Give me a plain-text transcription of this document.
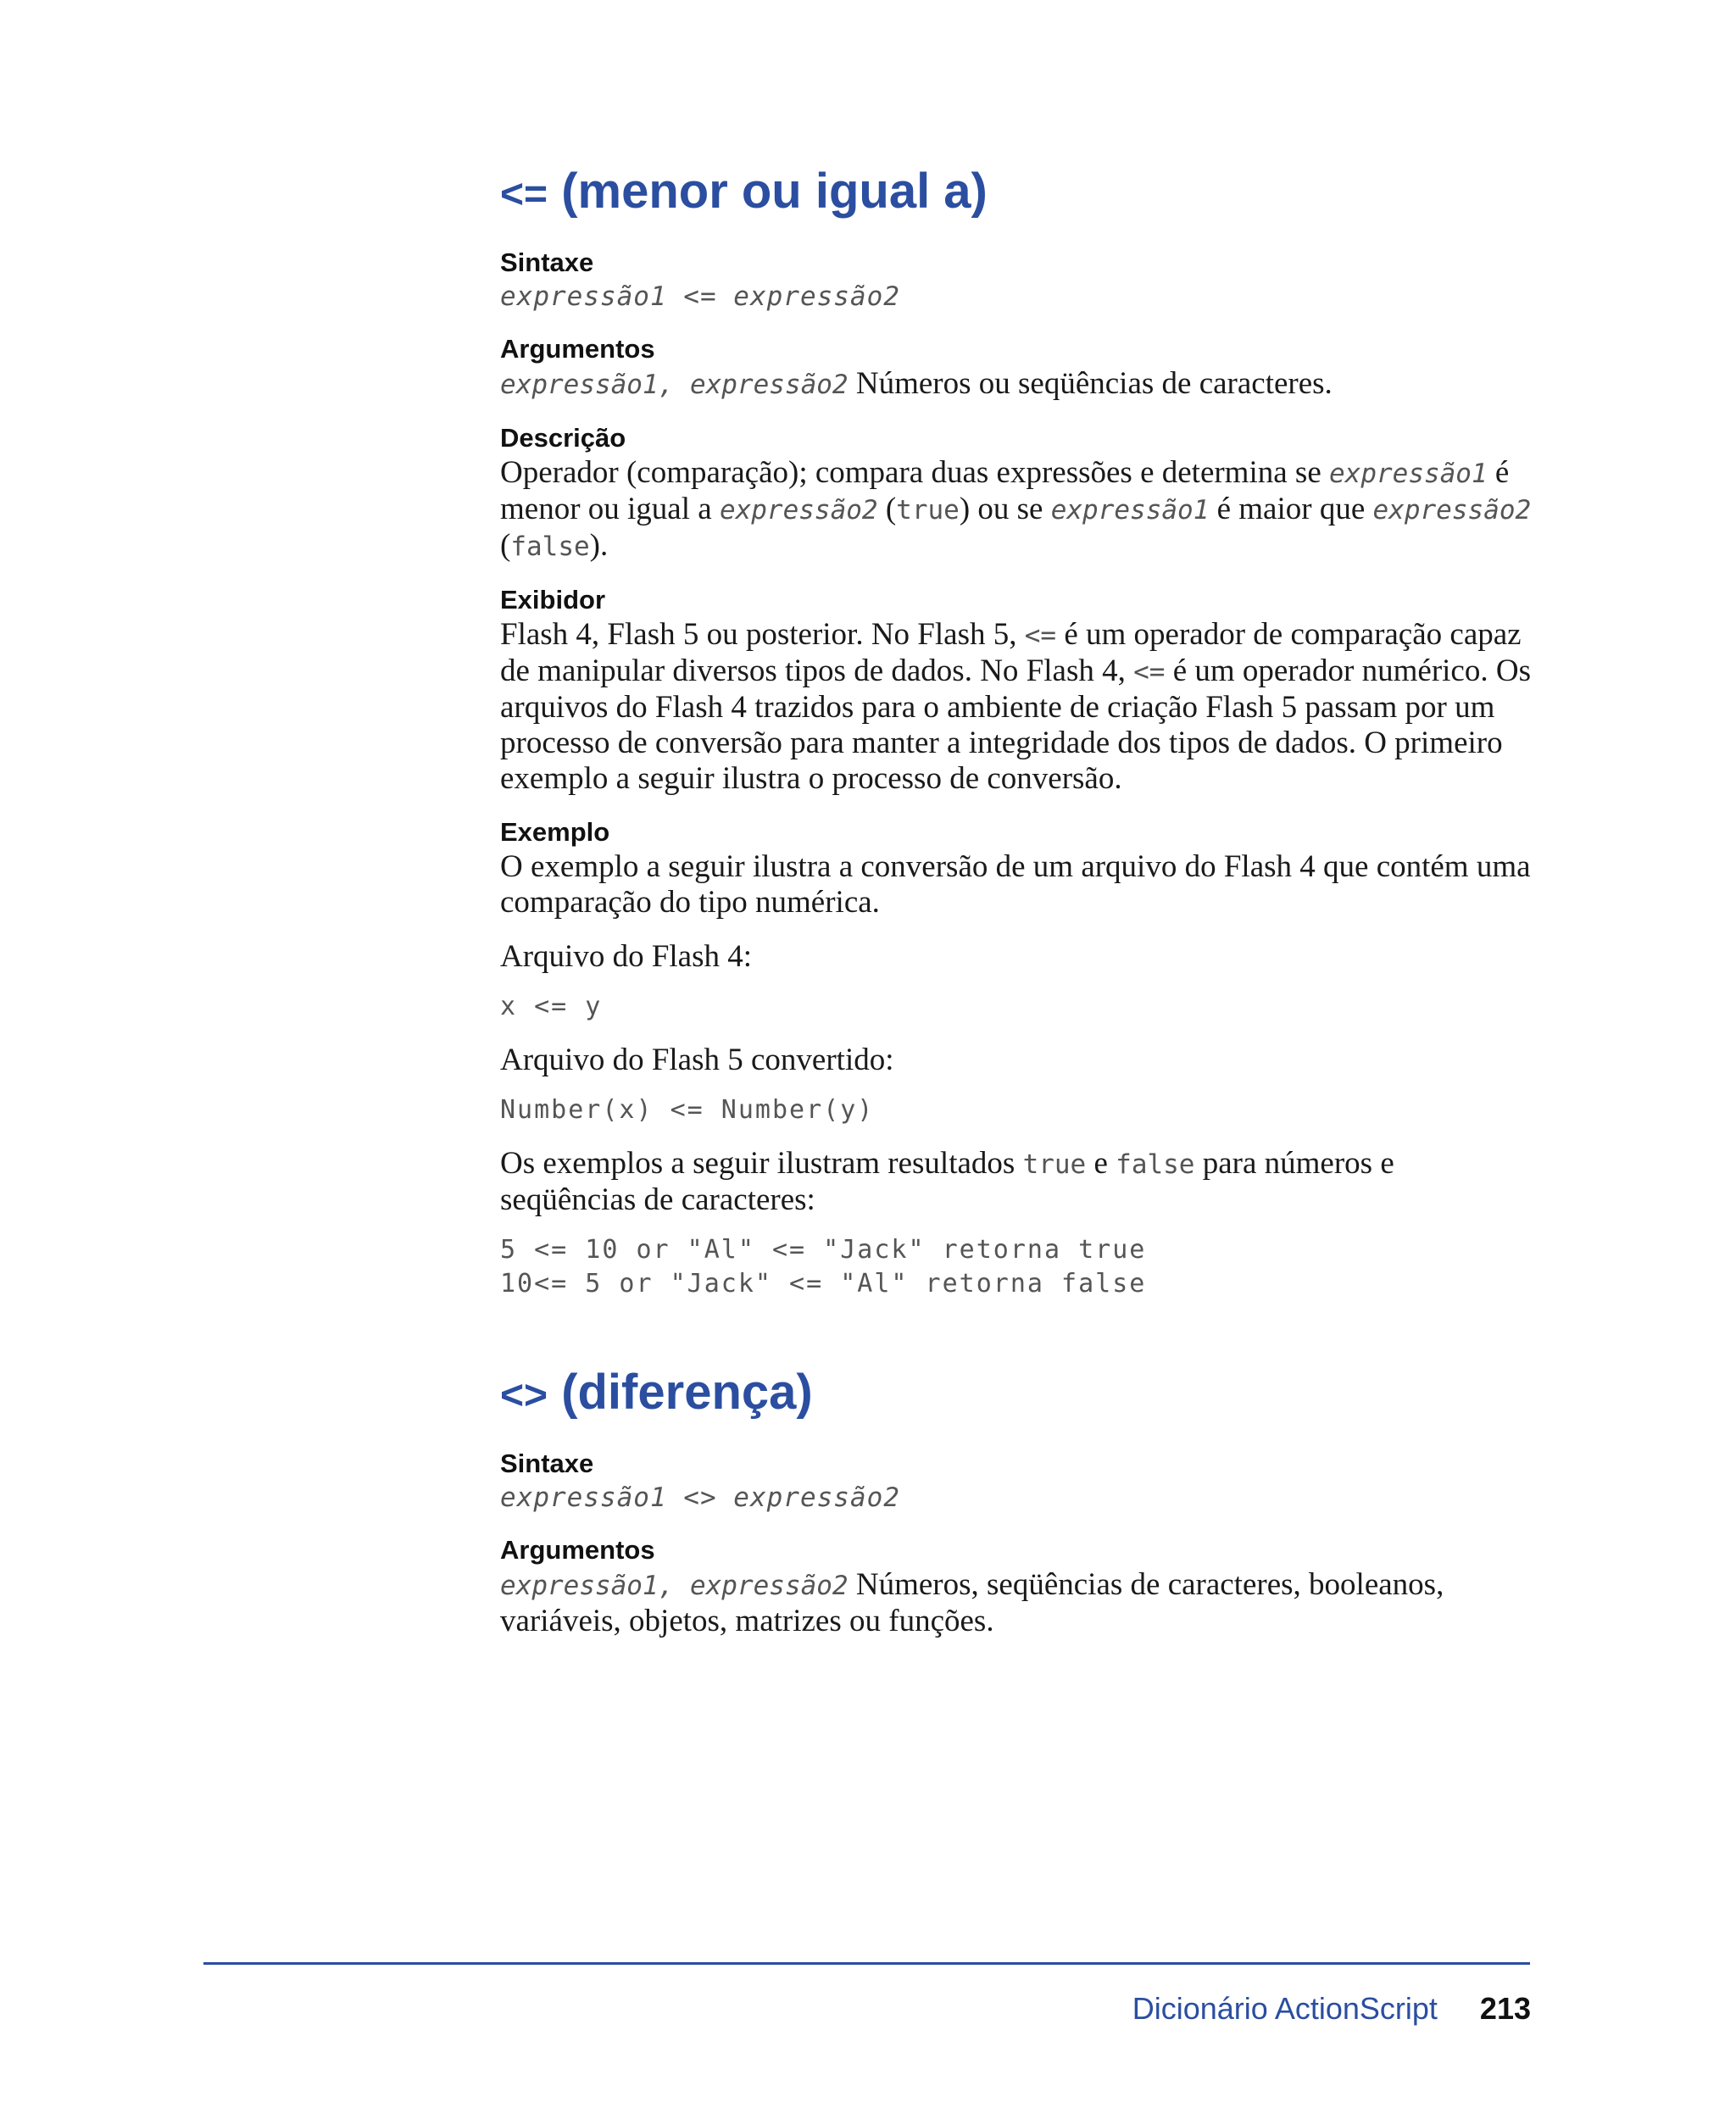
<= (menor ou igual a)
Sintaxe
expressão1 <= expressão2
Argumentos

expressão1, expressão2 Números ou seqüências de caracteres.

Descrição

Operador (comparação); compara duas expressões e determina se expressão1 é menor ou igual a expressão2 (true) ou se expressão1 é maior que expressão2 (false).

Exibidor

Flash 4, Flash 5 ou posterior. No Flash 5, <= é um operador de comparação capaz de manipular diversos tipos de dados. No Flash 4, <= é um operador numérico. Os arquivos do Flash 4 trazidos para o ambiente de criação Flash 5 passam por um processo de conversão para manter a integridade dos tipos de dados. O primeiro exemplo a seguir ilustra o processo de conversão.

Exemplo

O exemplo a seguir ilustra a conversão de um arquivo do Flash 4 que contém uma comparação do tipo numérica.

Arquivo do Flash 4:

x <= y

Arquivo do Flash 5 convertido:

Number(x) <= Number(y)

Os exemplos a seguir ilustram resultados true e false para números e seqüências de caracteres:

5 <= 10 or "Al" <= "Jack" retorna true
10<= 5 or "Jack" <= "Al" retorna false
<> (diferença)
Sintaxe
expressão1 <> expressão2
Argumentos

expressão1, expressão2 Números, seqüências de caracteres, booleanos, variáveis, objetos, matrizes ou funções.

Dicionário ActionScript 213
